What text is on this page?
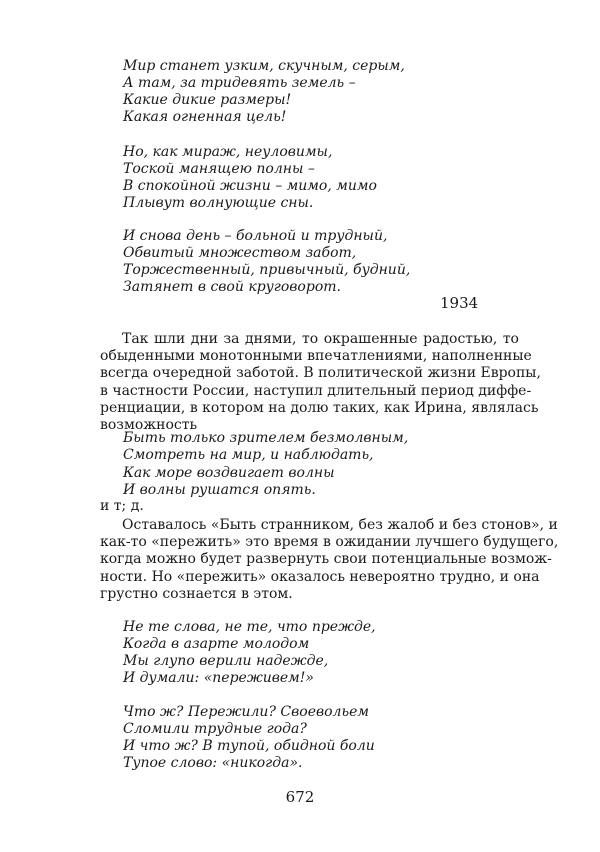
Мир станет узким, скучным, серым,
А там, за тридевять земель –
Какие дикие размеры!
Какая огненная цель!
Но, как мираж, неуловимы,
Тоской манящею полны –
В спокойной жизни – мимо, мимо
Плывут волнующие сны.
И снова день – больной и трудный,
Обвитый множеством забот,
Торжественный, привычный, будний,
Затянет в свой круговорот.
1934
Так шли дни за днями, то окрашенные радостью, то
обыденными монотонными впечатлениями, наполненные
всегда очередной заботой. В политической жизни Европы,
в частности России, наступил длительный период диффе-
ренциации, в котором на долю таких, как Ирина, являлась
возможность
Быть только зрителем безмолвным,
Смотреть на мир, и наблюдать,
Как море воздвигает волны
И волны рушатся опять.
и т; д.
Оставалось «Быть странником, без жалоб и без стонов», и
как-то «пережить» это время в ожидании лучшего будущего,
когда можно будет развернуть свои потенциальные возмож-
ности. Но «пережить» оказалось невероятно трудно, и она
грустно сознается в этом.
Не те слова, не те, что прежде,
Когда в азарте молодом
Мы глупо верили надежде,
И думали: «переживем!»
Что ж? Пережили? Своевольем
Сломили трудные года?
И что ж? В тупой, обидной боли
Тупое слово: «никогда».
672
